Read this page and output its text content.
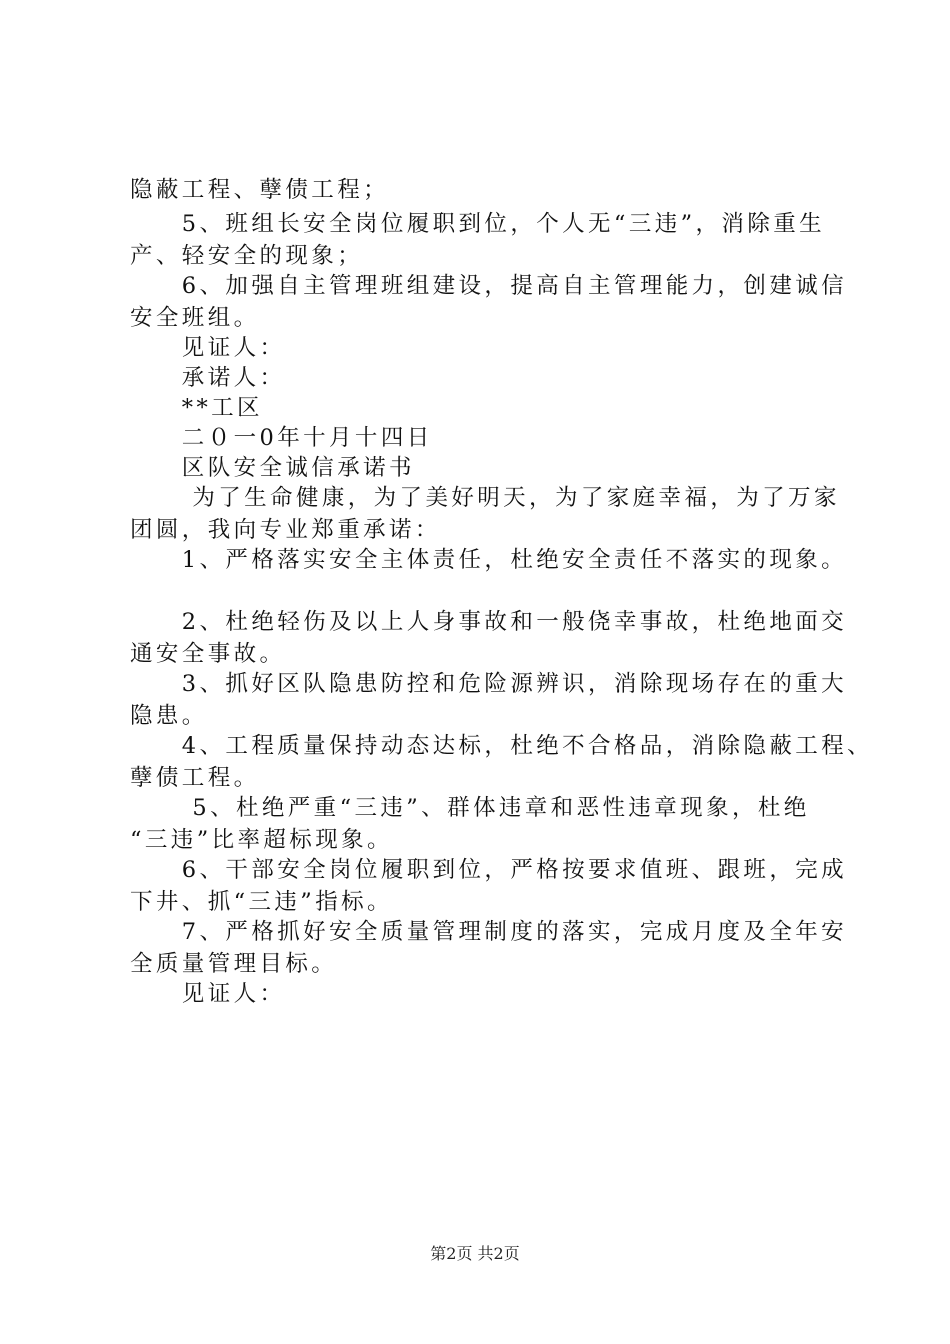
隐蔽工程、孽债工程；
　　5、班组长安全岗位履职到位，个人无“三违”，消除重生
产、轻安全的现象；
　　6、加强自主管理班组建设，提高自主管理能力，创建诚信
安全班组。
　　见证人：
　　承诺人：
　　**工区
　　二０一0年十月十四日
　　区队安全诚信承诺书
　　 为了生命健康，为了美好明天，为了家庭幸福，为了万家
团圆，我向专业郑重承诺：
　　1、严格落实安全主体责任，杜绝安全责任不落实的现象。
　　2、杜绝轻伤及以上人身事故和一般侥幸事故，杜绝地面交
通安全事故。
　　3、抓好区队隐患防控和危险源辨识，消除现场存在的重大
隐患。
　　4、工程质量保持动态达标，杜绝不合格品，消除隐蔽工程、
孽债工程。
　　 5、杜绝严重“三违”、群体违章和恶性违章现象，杜绝
“三违”比率超标现象。
　　6、干部安全岗位履职到位，严格按要求值班、跟班，完成
下井、抓“三违”指标。
　　7、严格抓好安全质量管理制度的落实，完成月度及全年安
全质量管理目标。
　　见证人：
第2页 共2页
